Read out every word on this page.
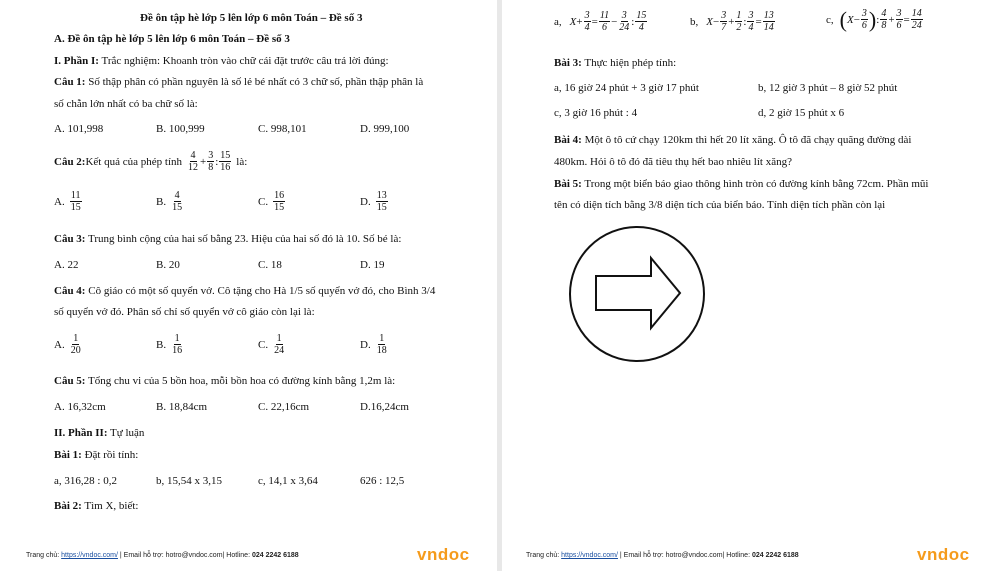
Đề ôn tập hè lớp 5 lên lớp 6 môn Toán – Đề số 3
A. Đề ôn tập hè lớp 5 lên lớp 6 môn Toán – Đề số 3
I. Phần I: Trắc nghiệm: Khoanh tròn vào chữ cái đặt trước câu trả lời đúng:
Câu 1: Số thập phân có phần nguyên là số lẻ bé nhất có 3 chữ số, phần thập phân là
số chẵn lớn nhất có ba chữ số là:
A. 101,998	B. 100,999	C. 998,101	D. 999,100
Câu 2: Kết quả của phép tính $\frac{4}{12} + \frac{3}{8}$ : $\frac{15}{16}$ là:
A. $\frac{11}{15}$	B. $\frac{4}{15}$	C. $\frac{16}{15}$	D. $\frac{13}{15}$
Câu 3: Trung bình cộng của hai số bằng 23. Hiệu của hai số đó là 10. Số bé là:
A. 22	B. 20	C. 18	D. 19
Câu 4: Cô giáo có một số quyển vở. Cô tặng cho Hà 1/5 số quyển vở đó, cho Bình 3/4
số quyển vở đó. Phân số chỉ số quyển vở cô giáo còn lại là:
A. $\frac{1}{20}$	B. $\frac{1}{16}$	C. $\frac{1}{24}$	D. $\frac{1}{18}$
Câu 5: Tổng chu vi của 5 bồn hoa, mỗi bồn hoa có đường kính bằng 1,2m là:
A. 16,32cm	B. 18,84cm	C. 22,16cm	D.16,24cm
II. Phần II: Tự luận
Bài 1: Đặt rồi tính:
a, 316,28 : 0,2	b, 15,54 x 3,15	c, 14,1 x 3,64	626 : 12,5
Bài 2: Tìm X, biết:
Trang chủ: https://vndoc.com/ | Email hỗ trợ: hotro@vndoc.com| Hotline: 024 2242 6188	vndoc
a, $X + \frac{3}{4} = \frac{11}{6} - \frac{3}{24}$ : $\frac{15}{4}$	b, $X - \frac{3}{7} + \frac{1}{2}$ : $\frac{3}{4} = \frac{13}{14}$	c, ( $X - \frac{3}{6}$ ) : $\frac{4}{8} + \frac{3}{6} = \frac{14}{24}$
Bài 3: Thực hiện phép tính:
a, 16 giờ 24 phút + 3 giờ 17 phút	b, 12 giờ 3 phút – 8 giờ 52 phút
c, 3 giờ 16 phút : 4	d, 2 giờ 15 phút x 6
Bài 4: Một ô tô cứ chạy 120km thì hết 20 lít xăng. Ô tô đã chạy quãng đường dài
480km. Hỏi ô tô đó đã tiêu thụ hết bao nhiêu lít xăng?
Bài 5: Trong một biển báo giao thông hình tròn có đường kính bằng 72cm. Phần mũi
tên có diện tích bằng 3/8 diện tích của biển báo. Tính diện tích phần còn lại
Trang chủ: https://vndoc.com/ | Email hỗ trợ: hotro@vndoc.com| Hotline: 024 2242 6188	vndoc
